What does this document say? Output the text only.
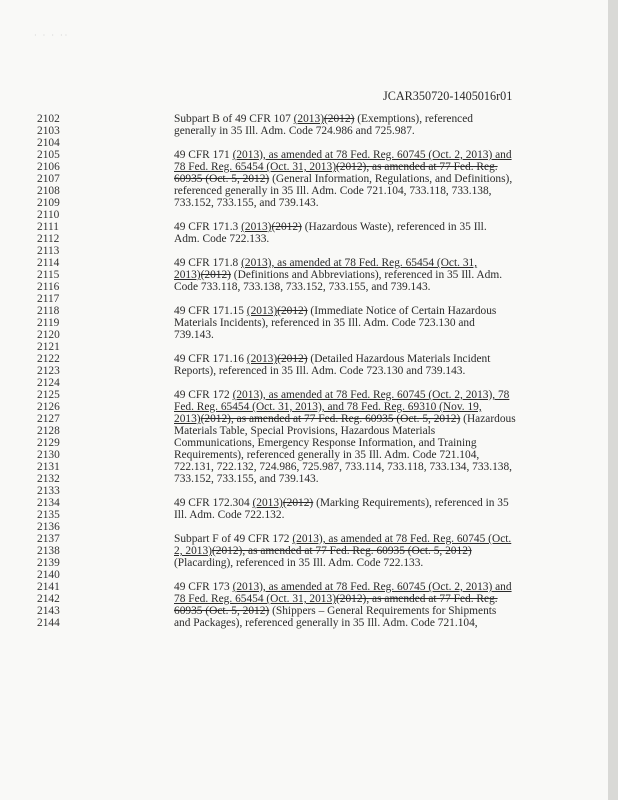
· · · ··
JCAR350720-1405016r01
2102
2103
2104
2105
2106
2107
2108
2109
2110
2111
2112
2113
2114
2115
2116
2117
2118
2119
2120
2121
2122
2123
2124
2125
2126
2127
2128
2129
2130
2131
2132
2133
2134
2135
2136
2137
2138
2139
2140
2141
2142
2143
2144
Subpart B of 49 CFR 107 (2013)(2012) (Exemptions), referenced
generally in 35 Ill. Adm. Code 724.986 and 725.987.
49 CFR 171 (2013), as amended at 78 Fed. Reg. 60745 (Oct. 2, 2013) and
78 Fed. Reg. 65454 (Oct. 31, 2013)(2012), as amended at 77 Fed. Reg.
60935 (Oct. 5, 2012) (General Information, Regulations, and Definitions),
referenced generally in 35 Ill. Adm. Code 721.104, 733.118, 733.138,
733.152, 733.155, and 739.143.
49 CFR 171.3 (2013)(2012) (Hazardous Waste), referenced in 35 Ill.
Adm. Code 722.133.
49 CFR 171.8 (2013), as amended at 78 Fed. Reg. 65454 (Oct. 31,
2013)(2012) (Definitions and Abbreviations), referenced in 35 Ill. Adm.
Code 733.118, 733.138, 733.152, 733.155, and 739.143.
49 CFR 171.15 (2013)(2012) (Immediate Notice of Certain Hazardous
Materials Incidents), referenced in 35 Ill. Adm. Code 723.130 and
739.143.
49 CFR 171.16 (2013)(2012) (Detailed Hazardous Materials Incident
Reports), referenced in 35 Ill. Adm. Code 723.130 and 739.143.
49 CFR 172 (2013), as amended at 78 Fed. Reg. 60745 (Oct. 2, 2013), 78
Fed. Reg. 65454 (Oct. 31, 2013), and 78 Fed. Reg. 69310 (Nov. 19,
2013)(2012), as amended at 77 Fed. Reg. 60935 (Oct. 5, 2012) (Hazardous
Materials Table, Special Provisions, Hazardous Materials
Communications, Emergency Response Information, and Training
Requirements), referenced generally in 35 Ill. Adm. Code 721.104,
722.131, 722.132, 724.986, 725.987, 733.114, 733.118, 733.134, 733.138,
733.152, 733.155, and 739.143.
49 CFR 172.304 (2013)(2012) (Marking Requirements), referenced in 35
Ill. Adm. Code 722.132.
Subpart F of 49 CFR 172 (2013), as amended at 78 Fed. Reg. 60745 (Oct.
2, 2013)(2012), as amended at 77 Fed. Reg. 60935 (Oct. 5, 2012)
(Placarding), referenced in 35 Ill. Adm. Code 722.133.
49 CFR 173 (2013), as amended at 78 Fed. Reg. 60745 (Oct. 2, 2013) and
78 Fed. Reg. 65454 (Oct. 31, 2013)(2012), as amended at 77 Fed. Reg.
60935 (Oct. 5, 2012) (Shippers – General Requirements for Shipments
and Packages), referenced generally in 35 Ill. Adm. Code 721.104,
